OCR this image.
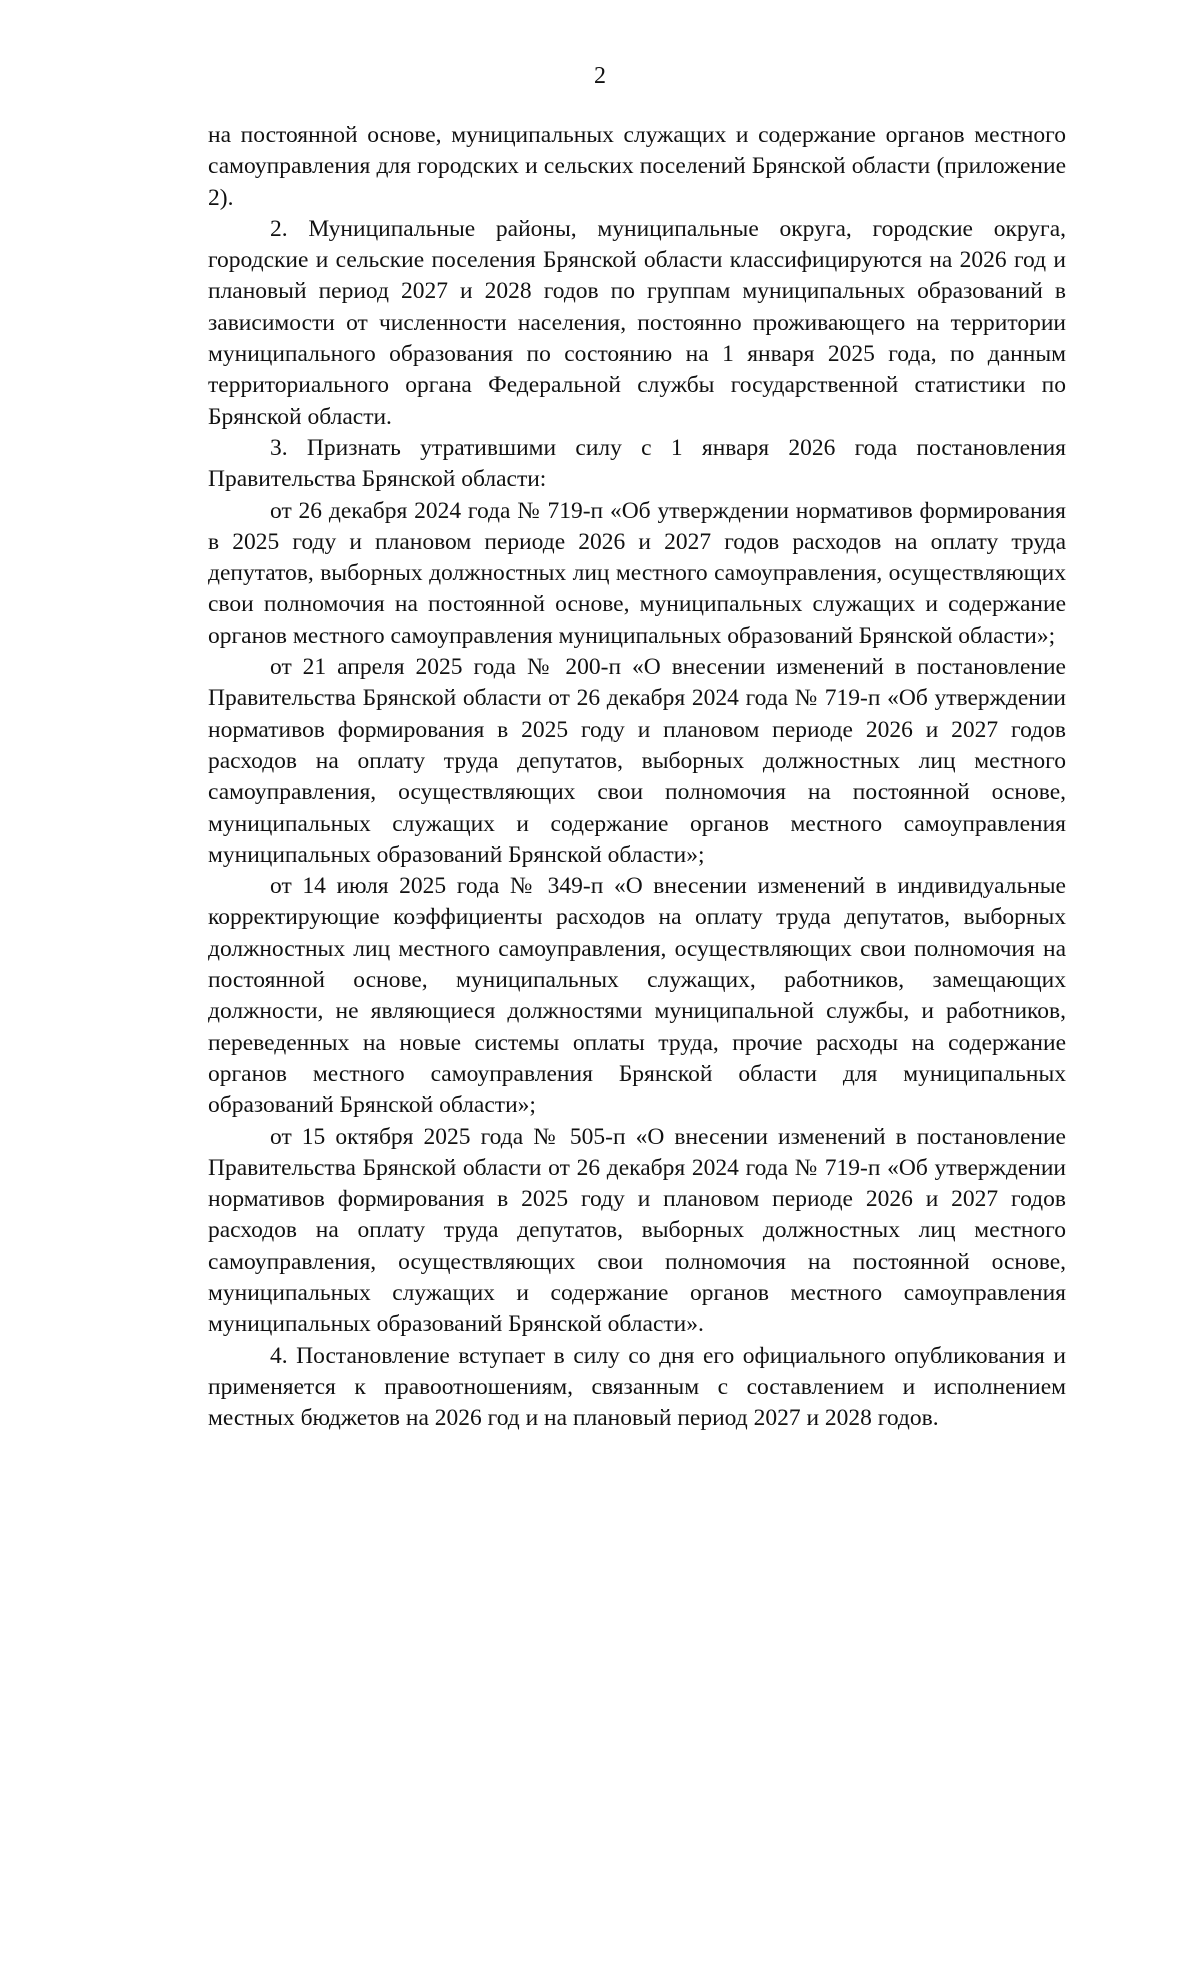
2

на постоянной основе, муниципальных служащих и содержание органов местного самоуправления для городских и сельских поселений Брянской области (приложение 2).

2. Муниципальные районы, муниципальные округа, городские округа, городские и сельские поселения Брянской области классифицируются на 2026 год и плановый период 2027 и 2028 годов по группам муниципальных образований в зависимости от численности населения, постоянно проживающего на территории муниципального образования по состоянию на 1 января 2025 года, по данным территориального органа Федеральной службы государственной статистики по Брянской области.

3. Признать утратившими силу с 1 января 2026 года постановления Правительства Брянской области:

от 26 декабря 2024 года № 719-п «Об утверждении нормативов формирования в 2025 году и плановом периоде 2026 и 2027 годов расходов на оплату труда депутатов, выборных должностных лиц местного самоуправления, осуществляющих свои полномочия на постоянной основе, муниципальных служащих и содержание органов местного самоуправления муниципальных образований Брянской области»;

от 21 апреля 2025 года № 200-п «О внесении изменений в постановление Правительства Брянской области от 26 декабря 2024 года № 719-п «Об утверждении нормативов формирования в 2025 году и плановом периоде 2026 и 2027 годов расходов на оплату труда депутатов, выборных должностных лиц местного самоуправления, осуществляющих свои полномочия на постоянной основе, муниципальных служащих и содержание органов местного самоуправления муниципальных образований Брянской области»;

от 14 июля 2025 года № 349-п «О внесении изменений в индивидуальные корректирующие коэффициенты расходов на оплату труда депутатов, выборных должностных лиц местного самоуправления, осуществляющих свои полномочия на постоянной основе, муниципальных служащих, работников, замещающих должности, не являющиеся должностями муниципальной службы, и работников, переведенных на новые системы оплаты труда, прочие расходы на содержание органов местного самоуправления Брянской области для муниципальных образований Брянской области»;

от 15 октября 2025 года № 505-п «О внесении изменений в постановление Правительства Брянской области от 26 декабря 2024 года № 719-п «Об утверждении нормативов формирования в 2025 году и плановом периоде 2026 и 2027 годов расходов на оплату труда депутатов, выборных должностных лиц местного самоуправления, осуществляющих свои полномочия на постоянной основе, муниципальных служащих и содержание органов местного самоуправления муниципальных образований Брянской области».

4. Постановление вступает в силу со дня его официального опубликования и применяется к правоотношениям, связанным с составлением и исполнением местных бюджетов на 2026 год и на плановый период 2027 и 2028 годов.
